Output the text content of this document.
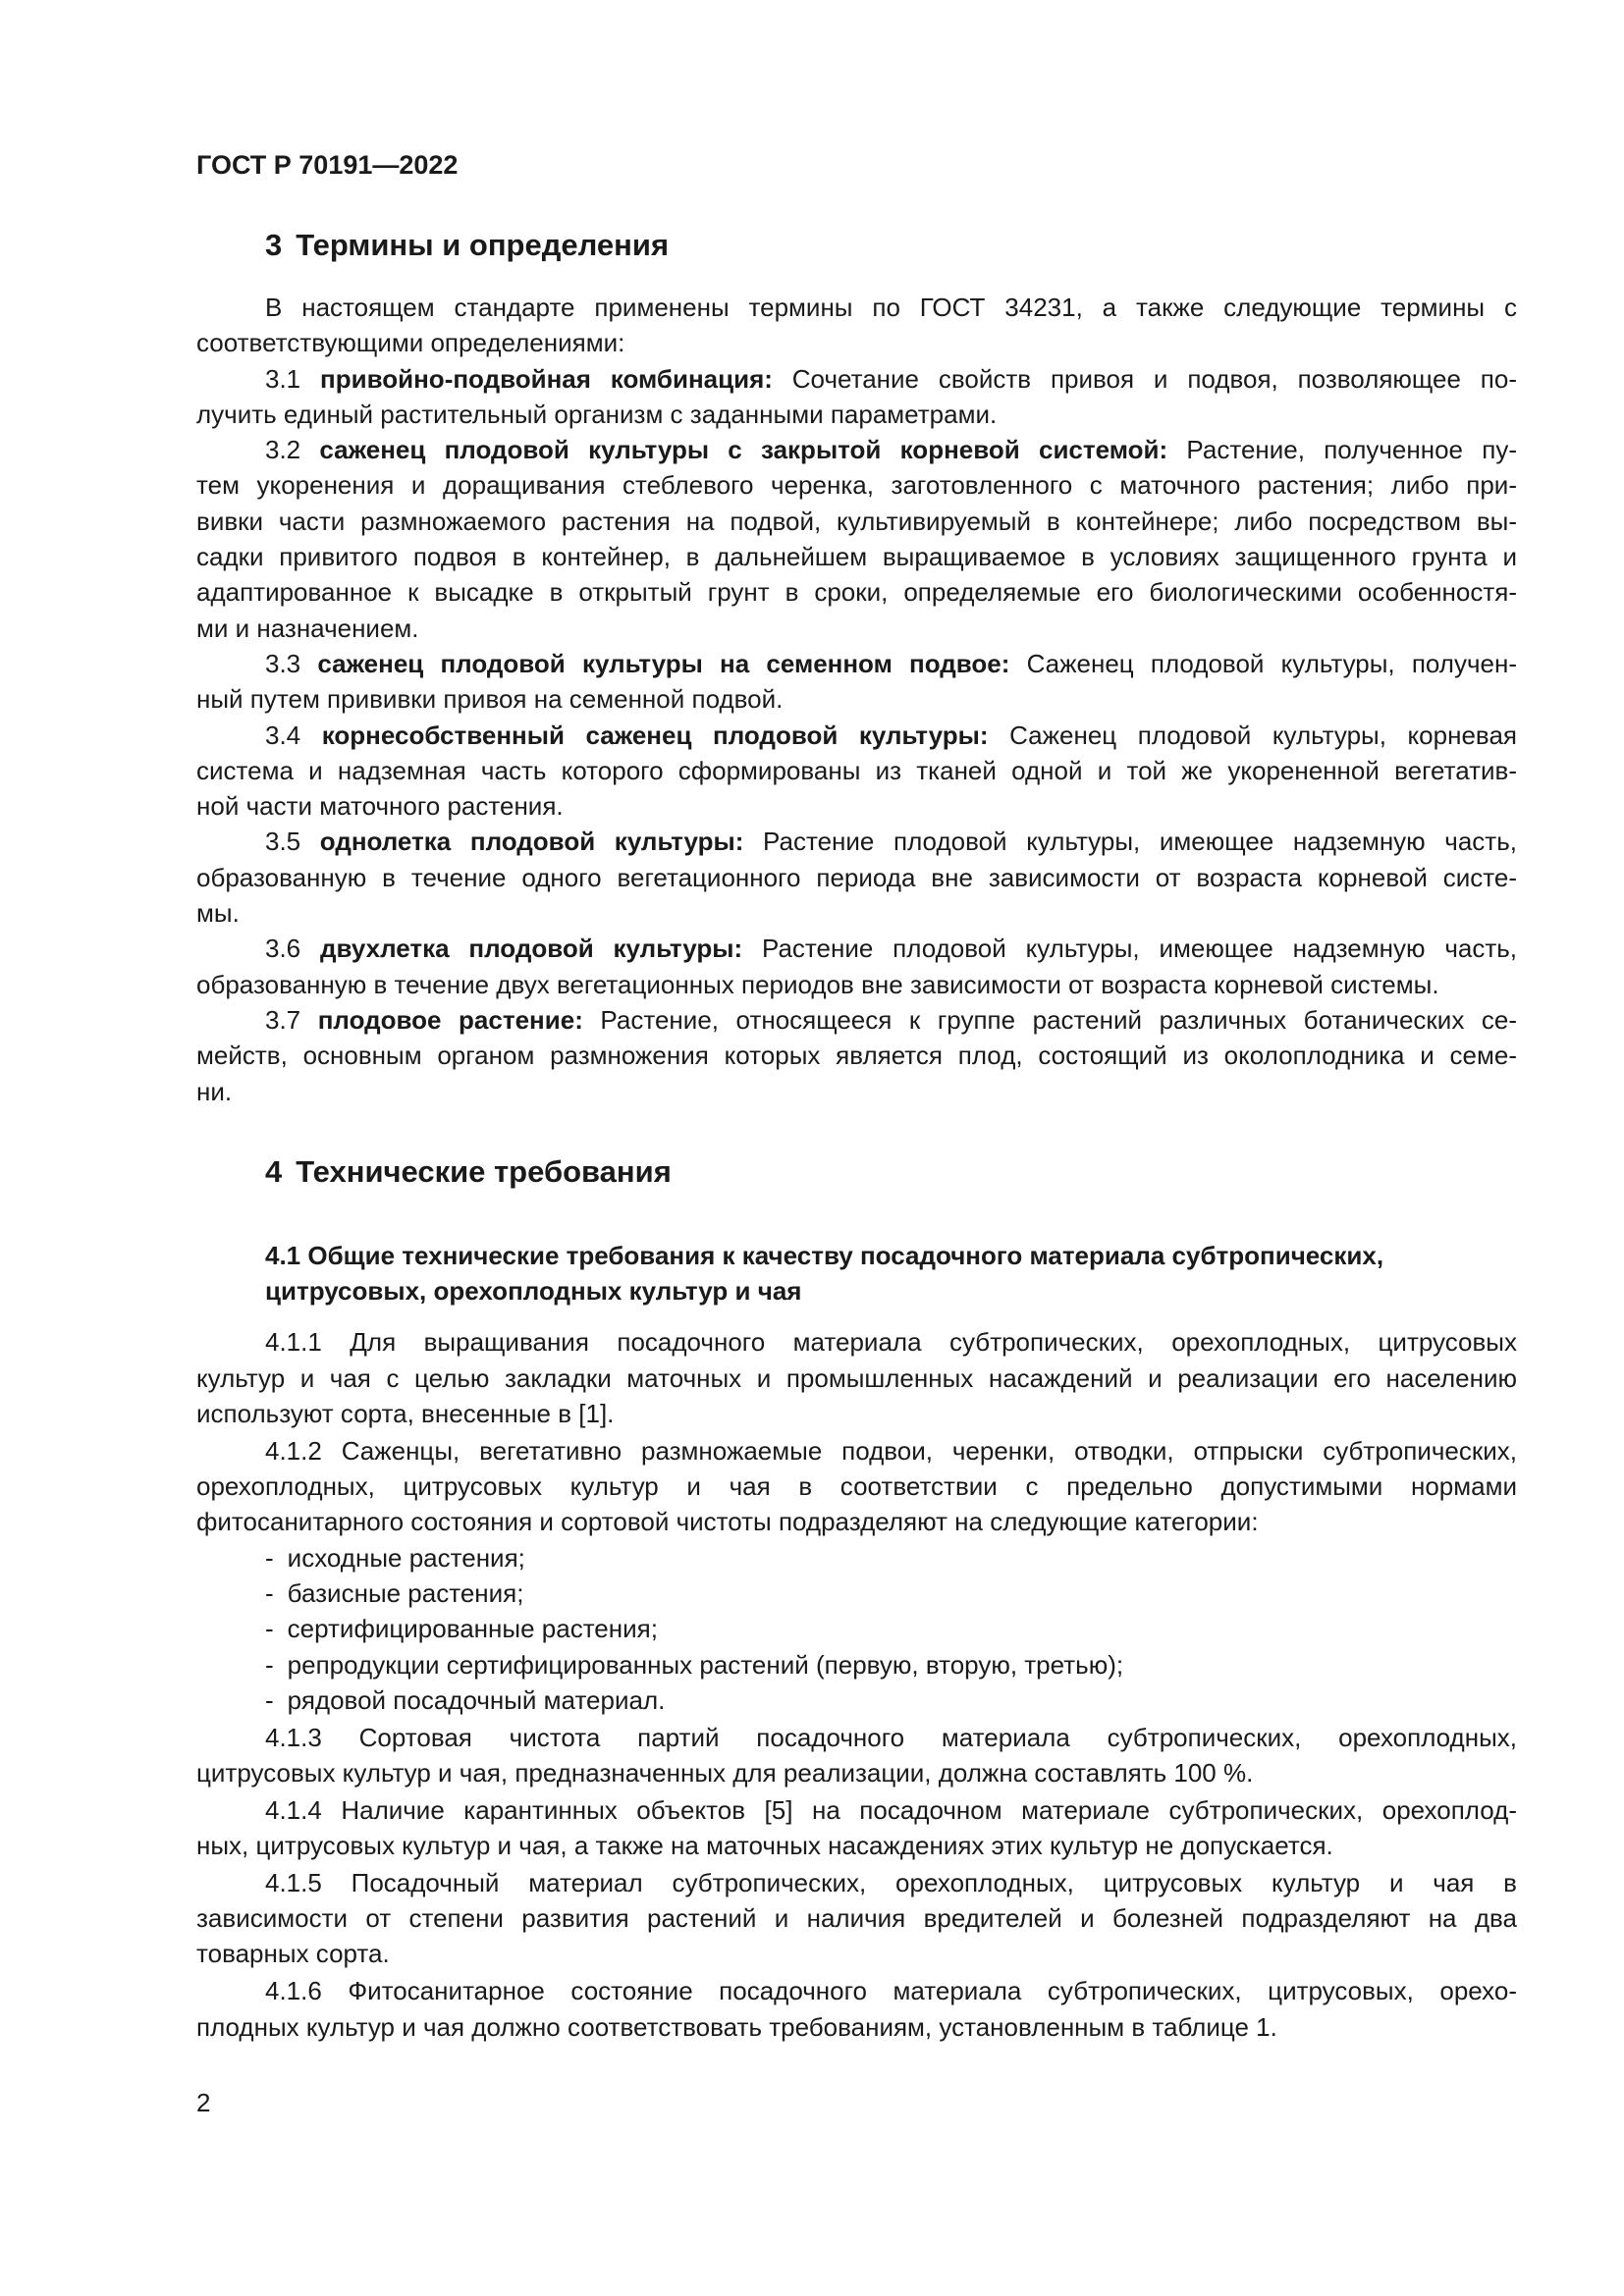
ГОСТ Р 70191—2022
3 Термины и определения
В настоящем стандарте применены термины по ГОСТ 34231, а также следующие термины с
соответствующими определениями:
3.1 привойно-подвойная комбинация: Сочетание свойств привоя и подвоя, позволяющее по-
лучить единый растительный организм с заданными параметрами.
3.2 саженец плодовой культуры с закрытой корневой системой: Растение, полученное пу-
тем укоренения и доращивания стеблевого черенка, заготовленного с маточного растения; либо при-
вивки части размножаемого растения на подвой, культивируемый в контейнере; либо посредством вы-
садки привитого подвоя в контейнер, в дальнейшем выращиваемое в условиях защищенного грунта и
адаптированное к высадке в открытый грунт в сроки, определяемые его биологическими особенностя-
ми и назначением.
3.3 саженец плодовой культуры на семенном подвое: Саженец плодовой культуры, получен-
ный путем прививки привоя на семенной подвой.
3.4 корнесобственный саженец плодовой культуры: Саженец плодовой культуры, корневая
система и надземная часть которого сформированы из тканей одной и той же укорененной вегетатив-
ной части маточного растения.
3.5 однолетка плодовой культуры: Растение плодовой культуры, имеющее надземную часть,
образованную в течение одного вегетационного периода вне зависимости от возраста корневой систе-
мы.
3.6 двухлетка плодовой культуры: Растение плодовой культуры, имеющее надземную часть,
образованную в течение двух вегетационных периодов вне зависимости от возраста корневой системы.
3.7 плодовое растение: Растение, относящееся к группе растений различных ботанических се-
мейств, основным органом размножения которых является плод, состоящий из околоплодника и семе-
ни.
4 Технические требования
4.1 Общие технические требования к качеству посадочного материала субтропических,
цитрусовых, орехоплодных культур и чая
4.1.1 Для выращивания посадочного материала субтропических, орехоплодных, цитрусовых
культур и чая с целью закладки маточных и промышленных насаждений и реализации его населению
используют сорта, внесенные в [1].
4.1.2 Саженцы, вегетативно размножаемые подвои, черенки, отводки, отпрыски субтропических,
орехоплодных, цитрусовых культур и чая в соответствии с предельно допустимыми нормами
фитосанитарного состояния и сортовой чистоты подразделяют на следующие категории:
- исходные растения;
- базисные растения;
- сертифицированные растения;
- репродукции сертифицированных растений (первую, вторую, третью);
- рядовой посадочный материал.
4.1.3 Сортовая чистота партий посадочного материала субтропических, орехоплодных,
цитрусовых культур и чая, предназначенных для реализации, должна составлять 100 %.
4.1.4 Наличие карантинных объектов [5] на посадочном материале субтропических, орехоплод-
ных, цитрусовых культур и чая, а также на маточных насаждениях этих культур не допускается.
4.1.5 Посадочный материал субтропических, орехоплодных, цитрусовых культур и чая в
зависимости от степени развития растений и наличия вредителей и болезней подразделяют на два
товарных сорта.
4.1.6 Фитосанитарное состояние посадочного материала субтропических, цитрусовых, орехо-
плодных культур и чая должно соответствовать требованиям, установленным в таблице 1.
2
